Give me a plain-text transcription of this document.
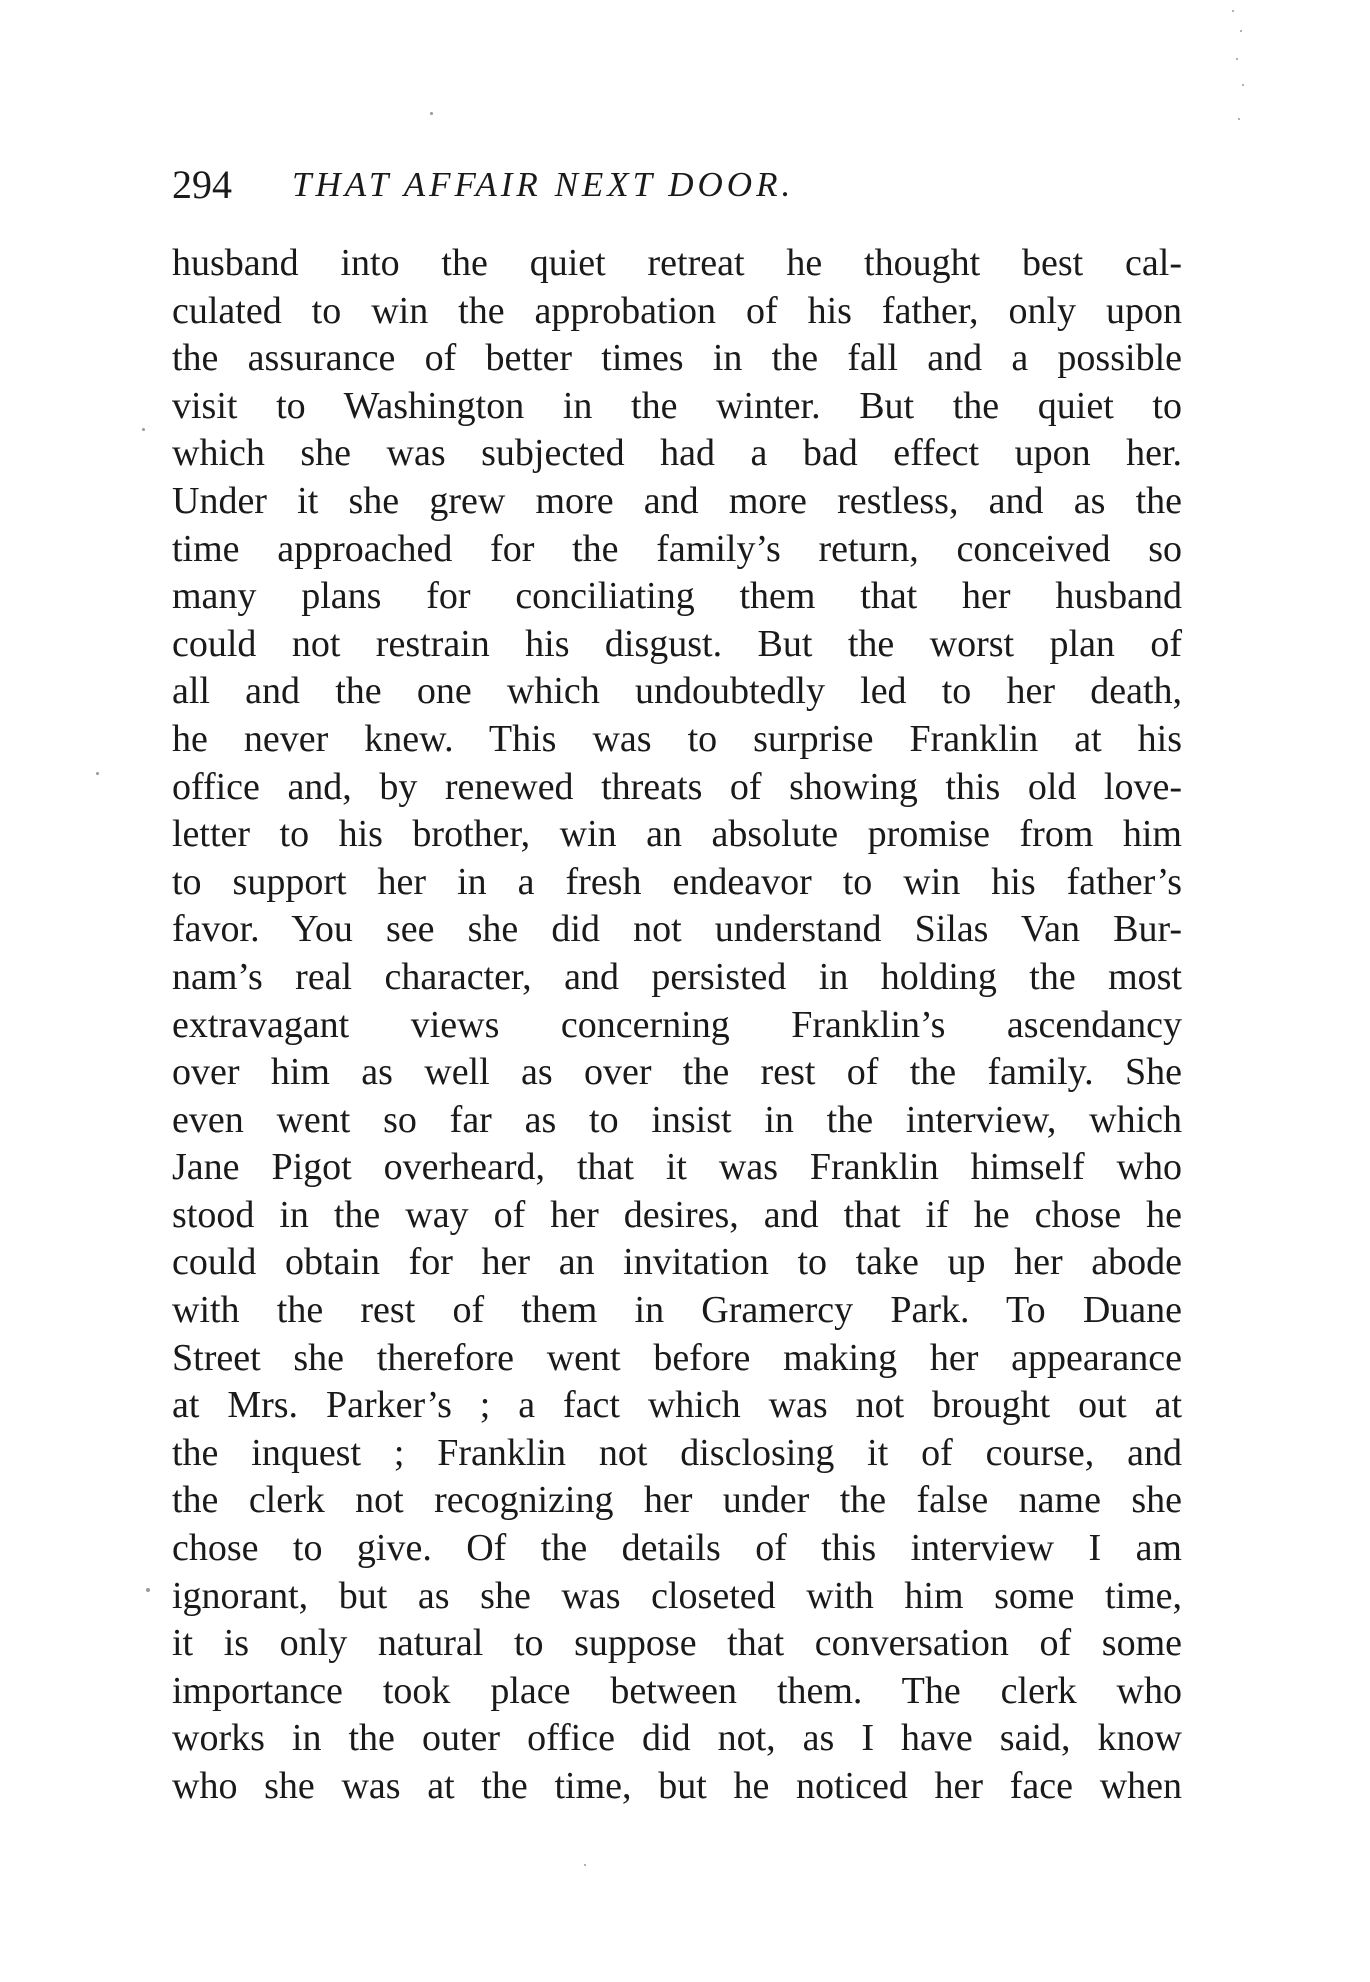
294 THAT AFFAIR NEXT DOOR.
husband into the quiet retreat he thought best cal-
culated to win the approbation of his father, only upon
the assurance of better times in the fall and a possible
visit to Washington in the winter. But the quiet to
which she was subjected had a bad effect upon her.
Under it she grew more and more restless, and as the
time approached for the family’s return, conceived so
many plans for conciliating them that her husband
could not restrain his disgust. But the worst plan of
all and the one which undoubtedly led to her death,
he never knew. This was to surprise Franklin at his
office and, by renewed threats of showing this old love-
letter to his brother, win an absolute promise from him
to support her in a fresh endeavor to win his father’s
favor. You see she did not understand Silas Van Bur-
nam’s real character, and persisted in holding the most
extravagant views concerning Franklin’s ascendancy
over him as well as over the rest of the family. She
even went so far as to insist in the interview, which
Jane Pigot overheard, that it was Franklin himself who
stood in the way of her desires, and that if he chose he
could obtain for her an invitation to take up her abode
with the rest of them in Gramercy Park. To Duane
Street she therefore went before making her appearance
at Mrs. Parker’s ; a fact which was not brought out at
the inquest ; Franklin not disclosing it of course, and
the clerk not recognizing her under the false name she
chose to give. Of the details of this interview I am
ignorant, but as she was closeted with him some time,
it is only natural to suppose that conversation of some
importance took place between them. The clerk who
works in the outer office did not, as I have said, know
who she was at the time, but he noticed her face when
